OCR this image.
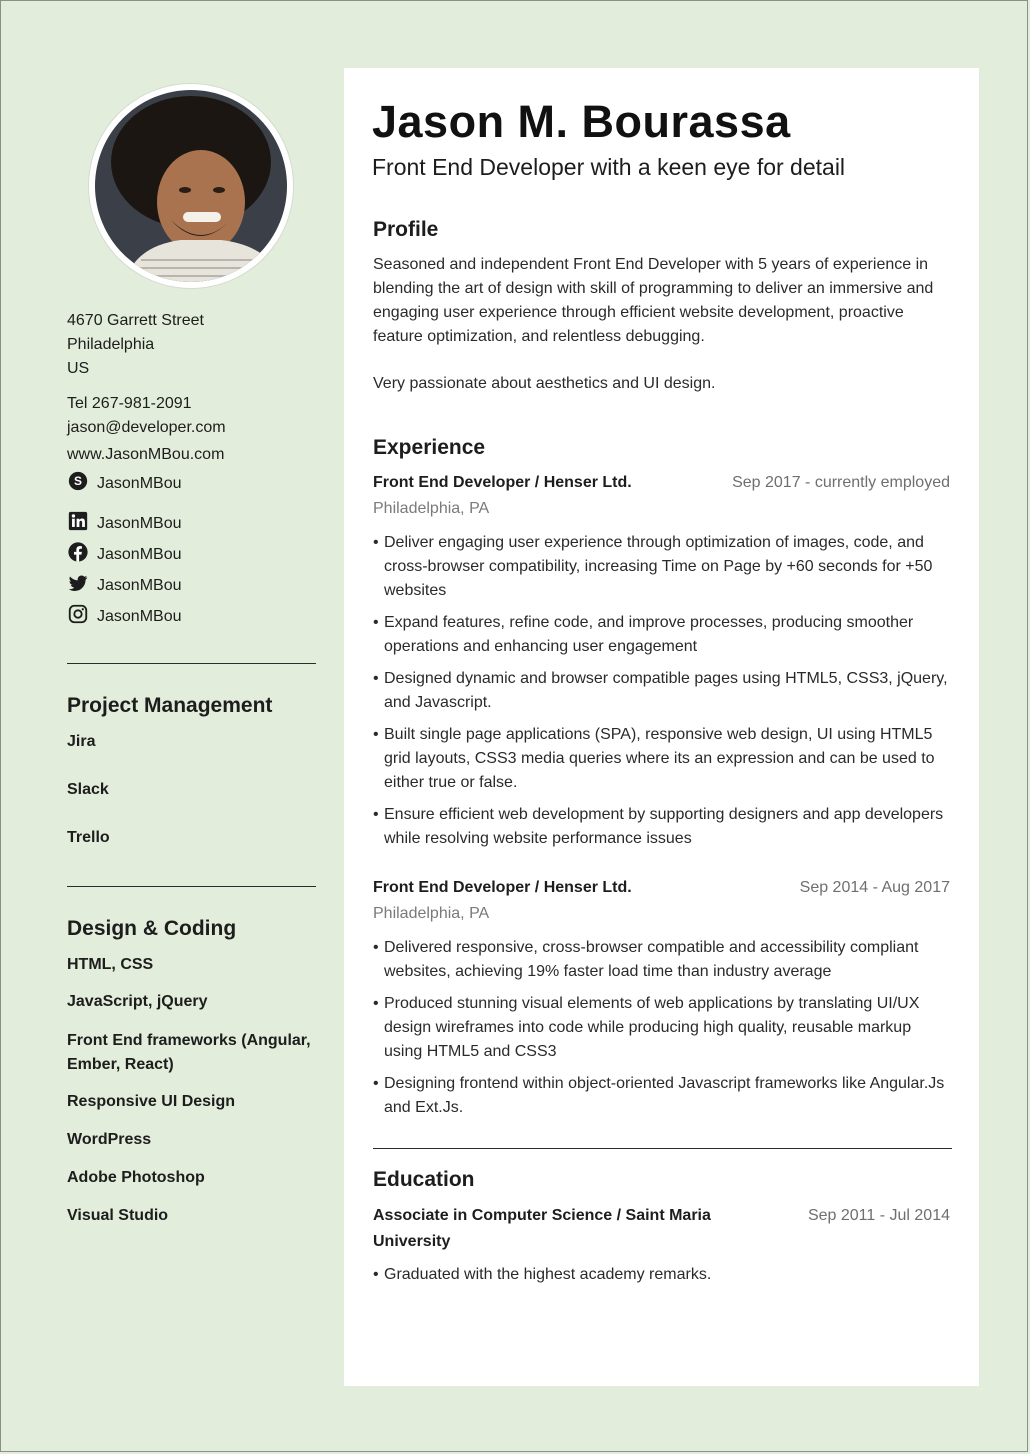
4670 Garrett Street
Philadelphia
US
Tel 267-981-2091
jason@developer.com
www.JasonMBou.com
S JasonMBou
JasonMBou
JasonMBou
JasonMBou
JasonMBou
Project Management
Jira
Slack
Trello
Design & Coding
HTML, CSS
JavaScript, jQuery
Front End frameworks (Angular, Ember, React)
Responsive UI Design
WordPress
Adobe Photoshop
Visual Studio
Jason M. Bourassa
Front End Developer with a keen eye for detail
Profile
Seasoned and independent Front End Developer with 5 years of experience in blending the art of design with skill of programming to deliver an immersive and engaging user experience through efficient website development, proactive feature optimization, and relentless debugging.
Very passionate about aesthetics and UI design.
Experience
Front End Developer / Henser Ltd.	Sep 2017 - currently employed
Philadelphia, PA
• Deliver engaging user experience through optimization of images, code, and cross-browser compatibility, increasing Time on Page by +60 seconds for +50 websites
• Expand features, refine code, and improve processes, producing smoother operations and enhancing user engagement
• Designed dynamic and browser compatible pages using HTML5, CSS3, jQuery, and Javascript.
• Built single page applications (SPA), responsive web design, UI using HTML5 grid layouts, CSS3 media queries where its an expression and can be used to either true or false.
• Ensure efficient web development by supporting designers and app developers while resolving website performance issues
Front End Developer / Henser Ltd.	Sep 2014 - Aug 2017
Philadelphia, PA
• Delivered responsive, cross-browser compatible and accessibility compliant websites, achieving 19% faster load time than industry average
• Produced stunning visual elements of web applications by translating UI/UX design wireframes into code while producing high quality, reusable markup using HTML5 and CSS3
• Designing frontend within object-oriented Javascript frameworks like Angular.Js and Ext.Js.
Education
Associate in Computer Science / Saint Maria
University
Sep 2011 - Jul 2014
• Graduated with the highest academy remarks.
